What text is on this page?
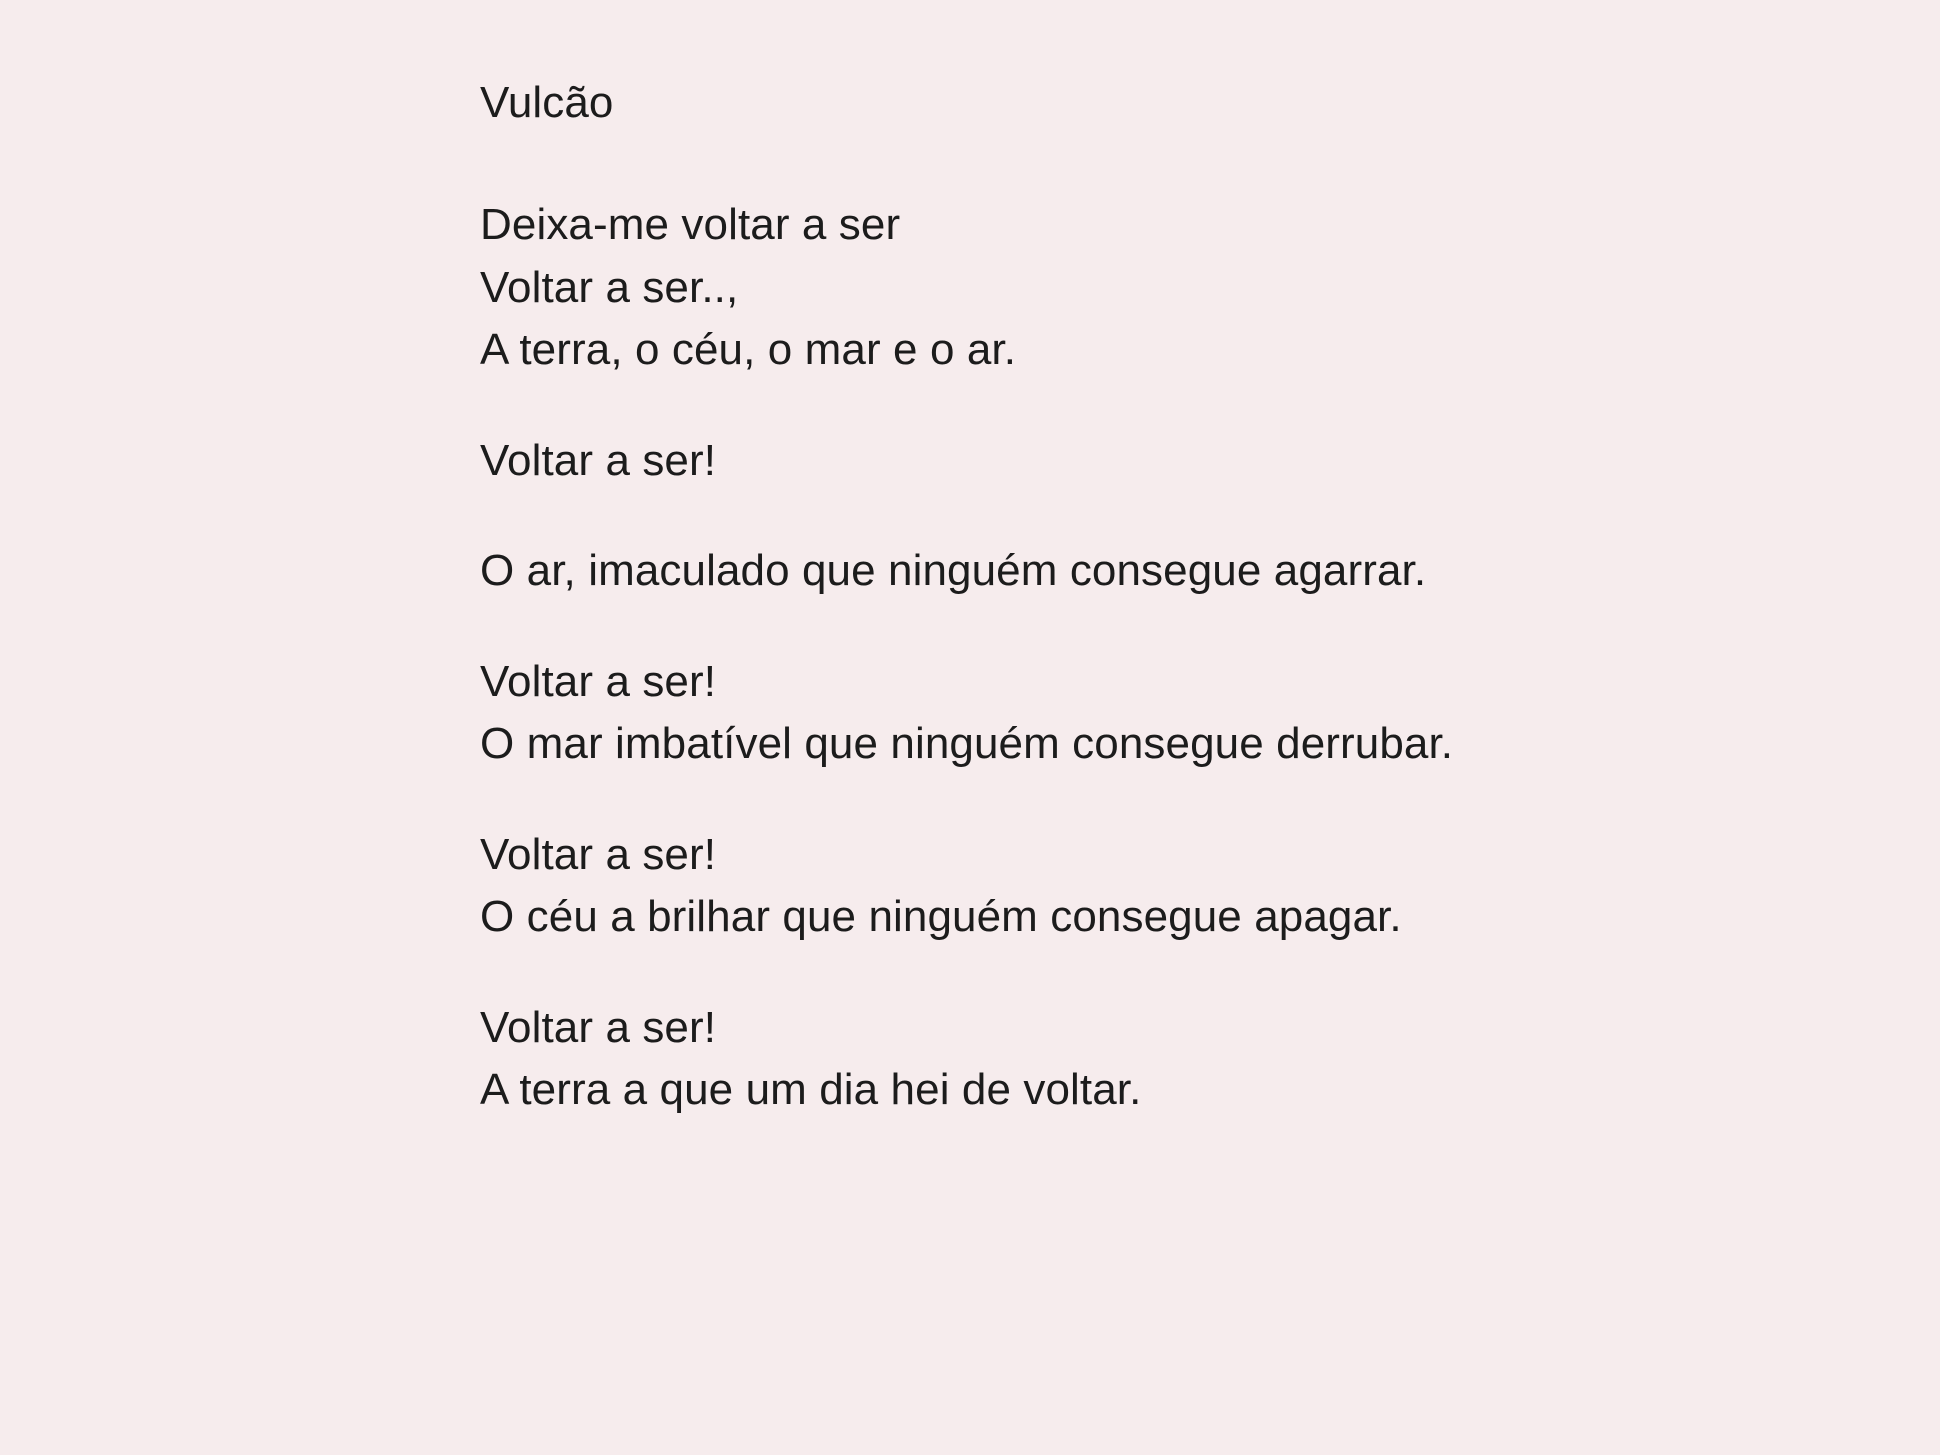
Vulcão
Deixa-me voltar a ser
Voltar a ser..,
A terra, o céu, o mar e o ar.
Voltar a ser!
O ar, imaculado que ninguém consegue agarrar.
Voltar a ser!
O mar imbatível que ninguém consegue derrubar.
Voltar a ser!
O céu a brilhar que ninguém consegue apagar.
Voltar a ser!
A terra a que um dia hei de voltar.
